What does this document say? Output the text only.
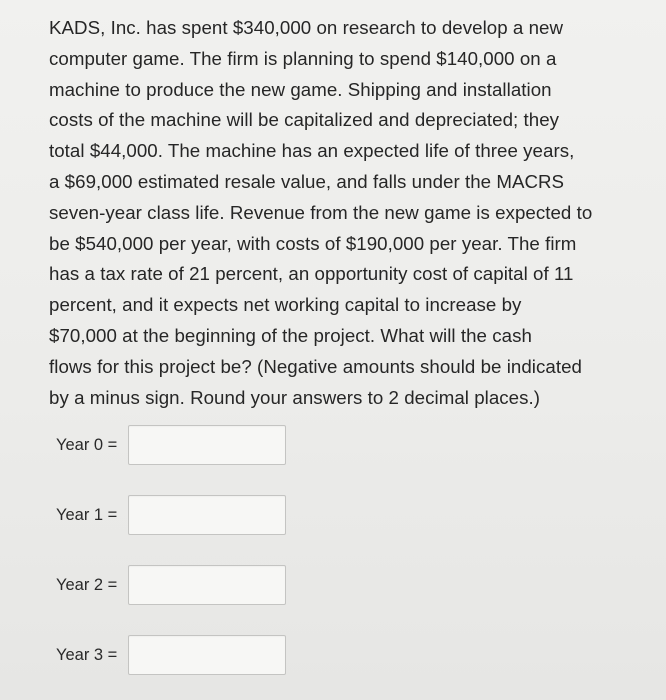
KADS, Inc. has spent $340,000 on research to develop a new
computer game. The firm is planning to spend $140,000 on a
machine to produce the new game. Shipping and installation
costs of the machine will be capitalized and depreciated; they
total $44,000. The machine has an expected life of three years,
a $69,000 estimated resale value, and falls under the MACRS
seven-year class life. Revenue from the new game is expected to
be $540,000 per year, with costs of $190,000 per year. The firm
has a tax rate of 21 percent, an opportunity cost of capital of 11
percent, and it expects net working capital to increase by
$70,000 at the beginning of the project. What will the cash
flows for this project be? (Negative amounts should be indicated
by a minus sign. Round your answers to 2 decimal places.)
Year 0 =
Year 1 =
Year 2 =
Year 3 =
